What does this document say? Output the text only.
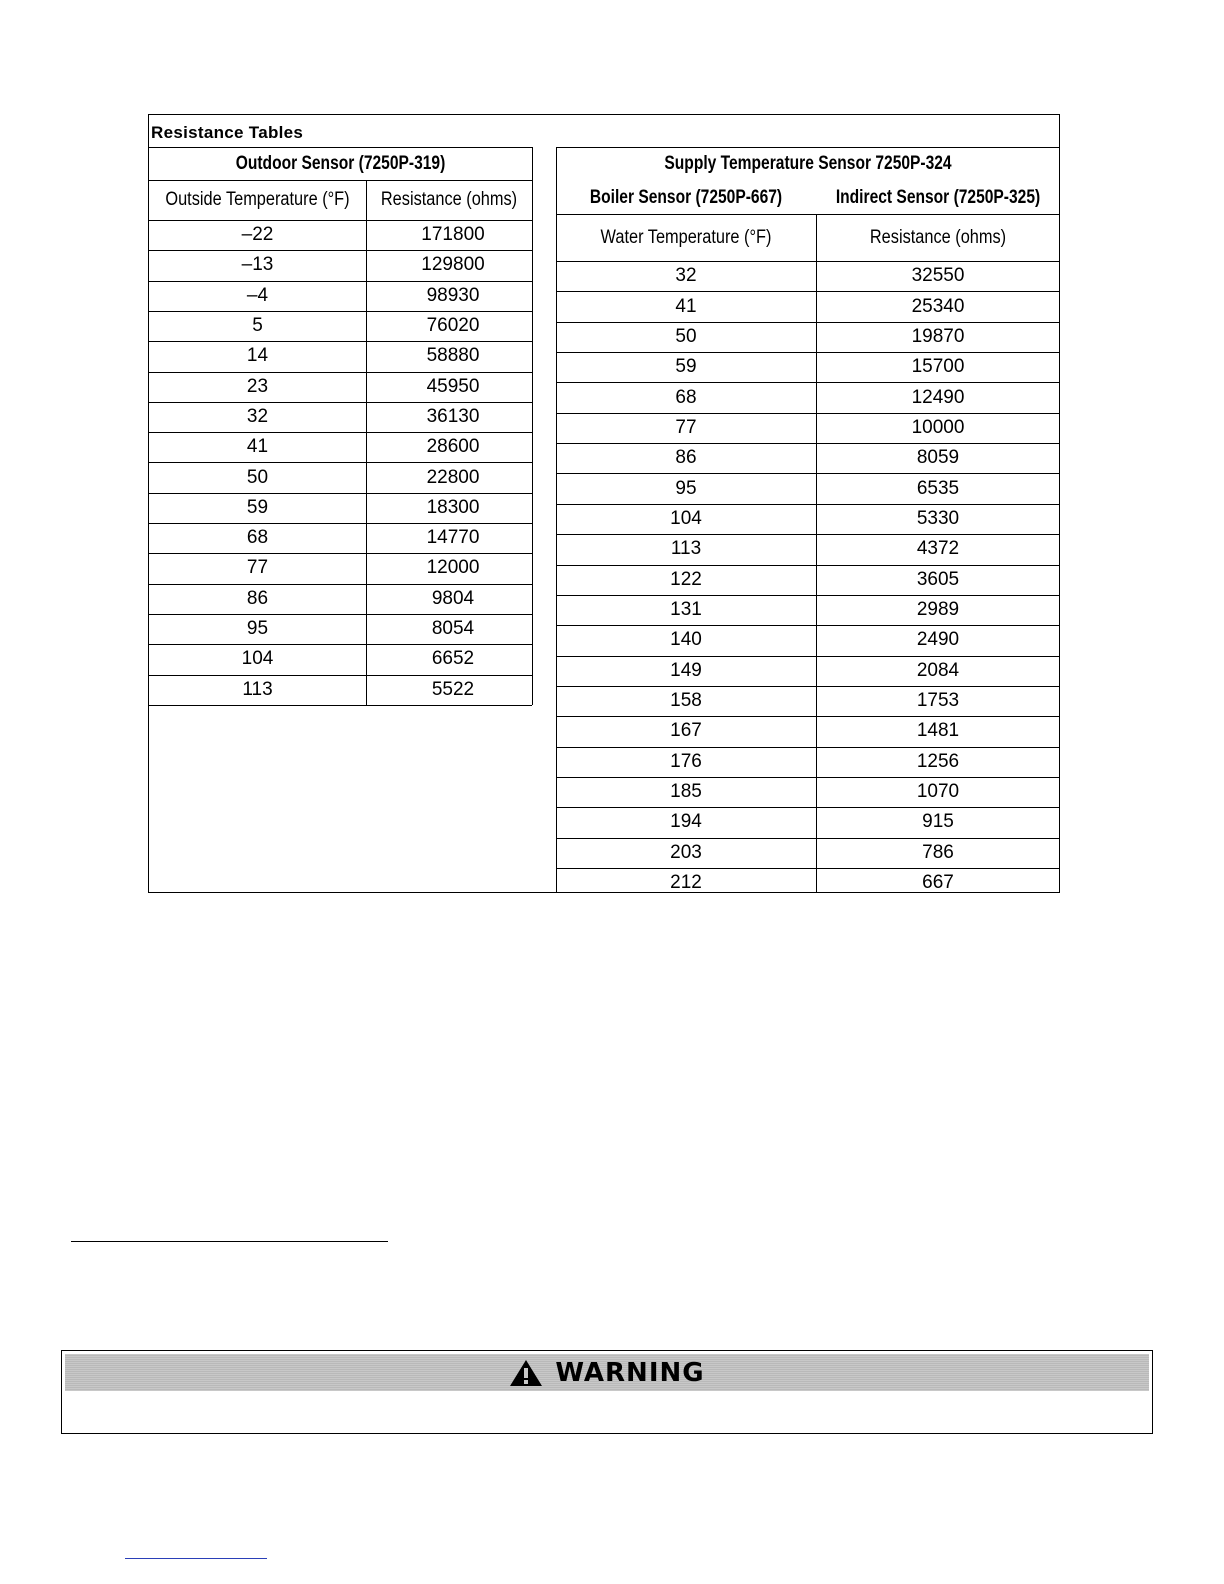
Resistance Tables
Outdoor Sensor (7250P-319)
Outside Temperature (°F) Resistance (ohms)
–22	171800
–13	129800
–4	98930
5	76020
14	58880
23	45950
32	36130
41	28600
50	22800
59	18300
68	14770
77	12000
86	9804
95	8054
104	6652
113	5522
Supply Temperature Sensor 7250P-324
Boiler Sensor (7250P-667)	Indirect Sensor (7250P-325)
Water Temperature (°F)	Resistance (ohms)
32	32550
41	25340
50	19870
59	15700
68	12490
77	10000
86	8059
95	6535
104	5330
113	4372
122	3605
131	2989
140	2490
149	2084
158	1753
167	1481
176	1256
185	1070
194	915
203	786
212	667
WARNING
